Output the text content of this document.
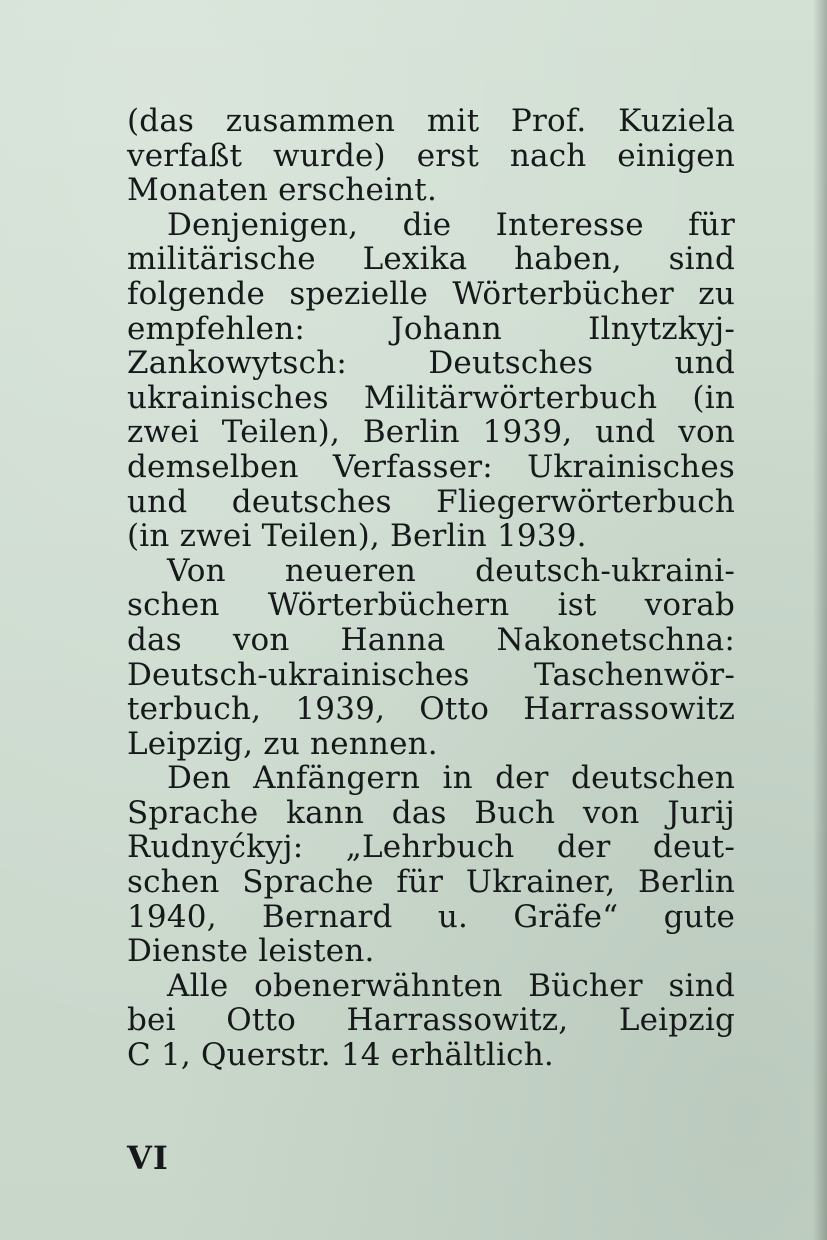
(das zusammen mit Prof. Kuziela
verfaßt wurde) erst nach einigen
Monaten erscheint.
Denjenigen, die Interesse für
militärische Lexika haben, sind
folgende spezielle Wörterbücher zu
empfehlen: Johann Ilnytzkyj-
Zankowytsch: Deutsches und
ukrainisches Militärwörterbuch (in
zwei Teilen), Berlin 1939, und von
demselben Verfasser: Ukrainisches
und deutsches Fliegerwörterbuch
(in zwei Teilen), Berlin 1939.
Von neueren deutsch-ukraini-
schen Wörterbüchern ist vorab
das von Hanna Nakonetschna:
Deutsch-ukrainisches Taschenwör-
terbuch, 1939, Otto Harrassowitz
Leipzig, zu nennen.
Den Anfängern in der deutschen
Sprache kann das Buch von Jurij
Rudnyćkyj: „Lehrbuch der deut-
schen Sprache für Ukrainer, Berlin
1940, Bernard u. Gräfe“ gute
Dienste leisten.
Alle obenerwähnten Bücher sind
bei Otto Harrassowitz, Leipzig
C 1, Querstr. 14 erhältlich.
VI
